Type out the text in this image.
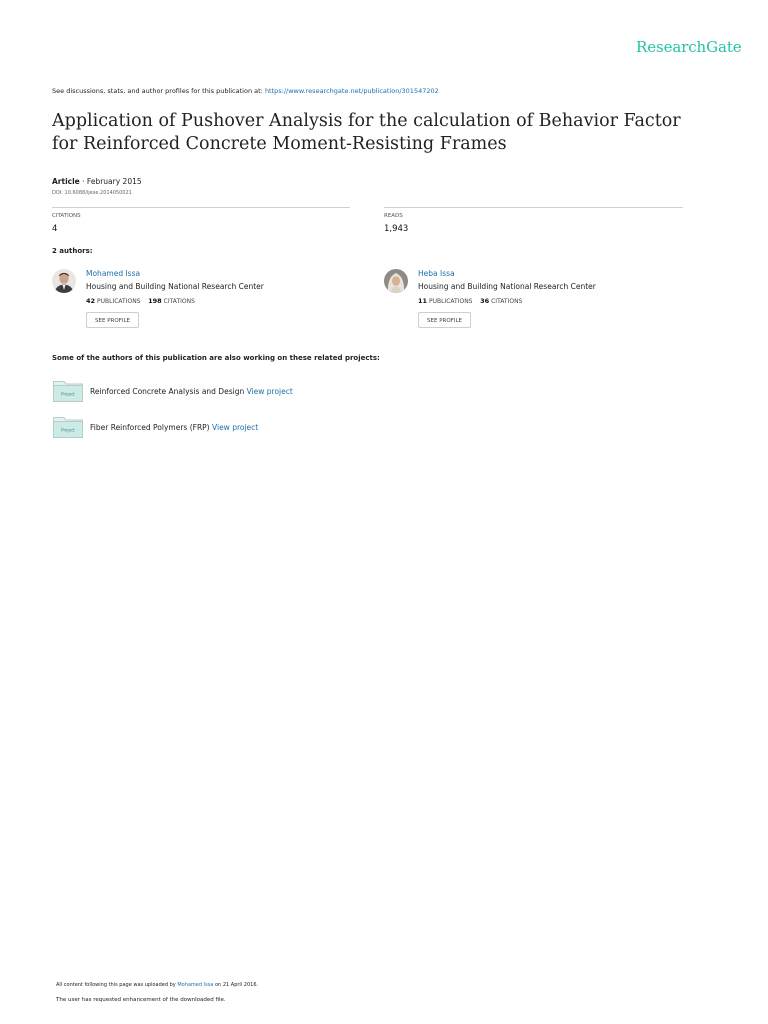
ResearchGate
See discussions, stats, and author profiles for this publication at: https://www.researchgate.net/publication/301547202
Application of Pushover Analysis for the calculation of Behavior Factor for Reinforced Concrete Moment-Resisting Frames
Article · February 2015
DOI: 10.6088/ijese.2014050021
CITATIONS
4
READS
1,943
2 authors:
Mohamed Issa
Housing and Building National Research Center
42 PUBLICATIONS 198 CITATIONS
SEE PROFILE
Heba Issa
Housing and Building National Research Center
11 PUBLICATIONS 36 CITATIONS
SEE PROFILE
Some of the authors of this publication are also working on these related projects:
Project Reinforced Concrete Analysis and Design View project
Project Fiber Reinforced Polymers (FRP) View project
All content following this page was uploaded by Mohamed Issa on 21 April 2016.
The user has requested enhancement of the downloaded file.
